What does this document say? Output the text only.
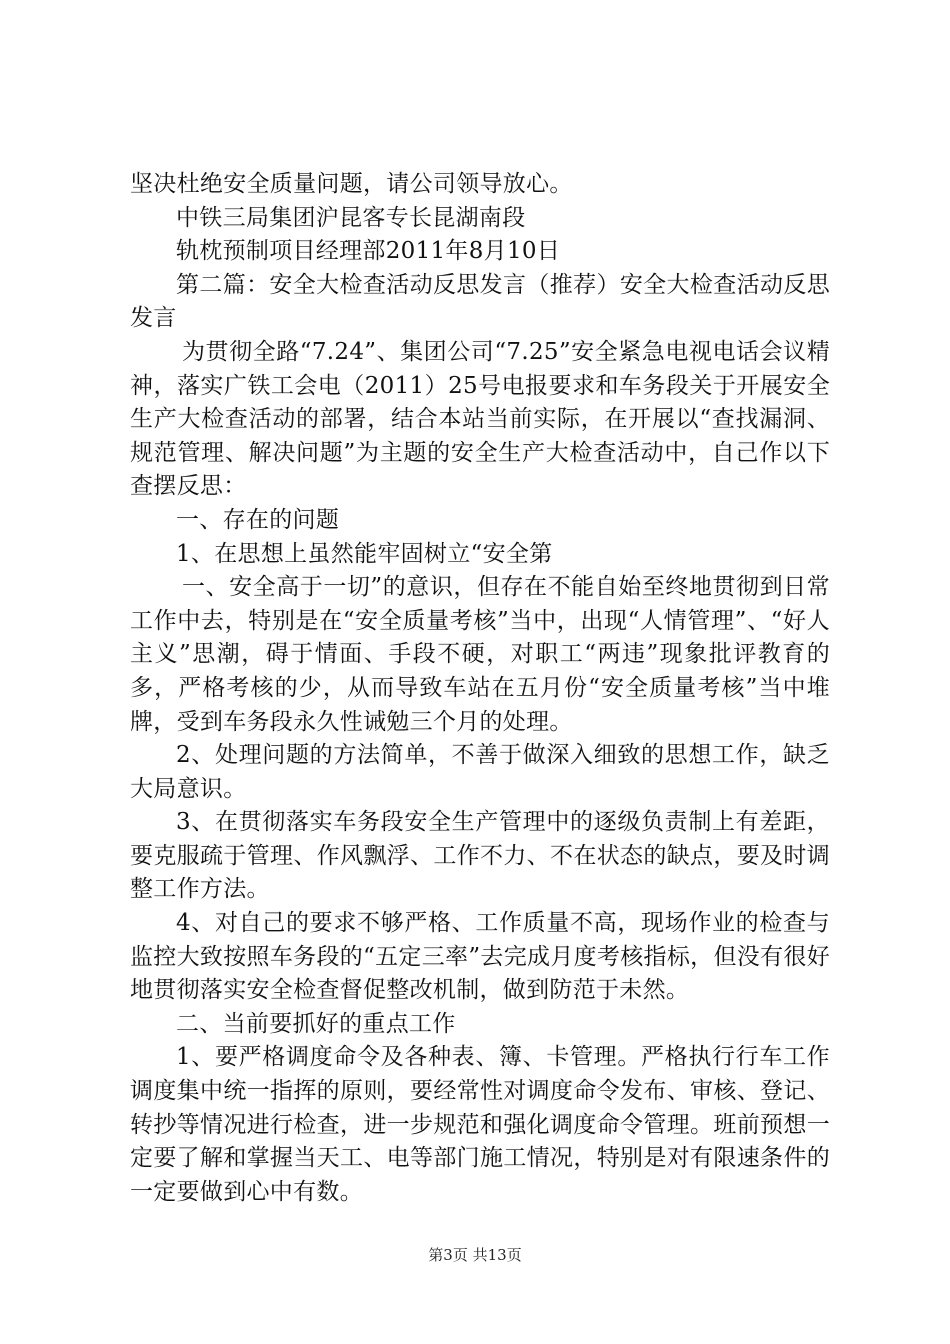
坚决杜绝安全质量问题，请公司领导放心。

中铁三局集团沪昆客专长昆湖南段

轨枕预制项目经理部2011年8月10日

第二篇：安全大检查活动反思发言（推荐）安全大检查活动反思发言

为贯彻全路“7.24”、集团公司“7.25”安全紧急电视电话会议精神，落实广铁工会电（2011）25号电报要求和车务段关于开展安全生产大检查活动的部署，结合本站当前实际，在开展以“查找漏洞、规范管理、解决问题”为主题的安全生产大检查活动中，自己作以下查摆反思：

一、存在的问题

1、在思想上虽然能牢固树立“安全第

一、安全高于一切”的意识，但存在不能自始至终地贯彻到日常工作中去，特别是在“安全质量考核”当中，出现“人情管理”、“好人主义”思潮，碍于情面、手段不硬，对职工“两违”现象批评教育的多，严格考核的少，从而导致车站在五月份“安全质量考核”当中堆牌，受到车务段永久性诫勉三个月的处理。

2、处理问题的方法简单，不善于做深入细致的思想工作，缺乏大局意识。

3、在贯彻落实车务段安全生产管理中的逐级负责制上有差距，要克服疏于管理、作风飘浮、工作不力、不在状态的缺点，要及时调整工作方法。

4、对自己的要求不够严格、工作质量不高，现场作业的检查与监控大致按照车务段的“五定三率”去完成月度考核指标，但没有很好地贯彻落实安全检查督促整改机制，做到防范于未然。

二、当前要抓好的重点工作

1、要严格调度命令及各种表、簿、卡管理。严格执行行车工作调度集中统一指挥的原则，要经常性对调度命令发布、审核、登记、转抄等情况进行检查，进一步规范和强化调度命令管理。班前预想一定要了解和掌握当天工、电等部门施工情况，特别是对有限速条件的一定要做到心中有数。

第3页 共13页
